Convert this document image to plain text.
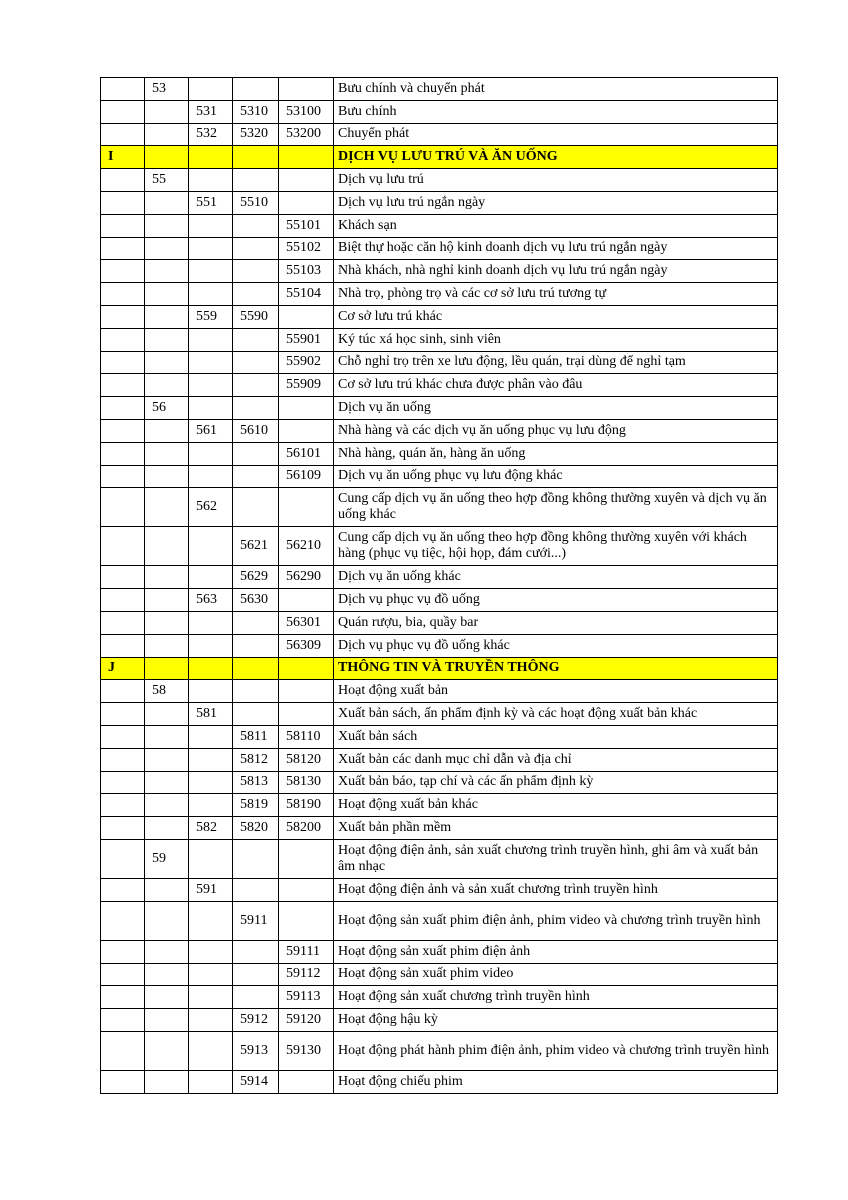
	53				Bưu chính và chuyển phát
		531	5310	53100	Bưu chính
		532	5320	53200	Chuyển phát
I					DỊCH VỤ LƯU TRÚ VÀ ĂN UỐNG
	55				Dịch vụ lưu trú
		551	5510		Dịch vụ lưu trú ngắn ngày
				55101	Khách sạn
				55102	Biệt thự hoặc căn hộ kinh doanh dịch vụ lưu trú ngắn ngày
				55103	Nhà khách, nhà nghỉ kinh doanh dịch vụ lưu trú ngắn ngày
				55104	Nhà trọ, phòng trọ và các cơ sở lưu trú tương tự
		559	5590		Cơ sở lưu trú khác
				55901	Ký túc xá học sinh, sinh viên
				55902	Chỗ nghỉ trọ trên xe lưu động, lều quán, trại dùng để nghỉ tạm
				55909	Cơ sở lưu trú khác chưa được phân vào đâu
	56				Dịch vụ ăn uống
		561	5610		Nhà hàng và các dịch vụ ăn uống phục vụ lưu động
				56101	Nhà hàng, quán ăn, hàng ăn uống
				56109	Dịch vụ ăn uống phục vụ lưu động khác
		562			Cung cấp dịch vụ ăn uống theo hợp đồng không thường xuyên và dịch vụ ăn uống khác
			5621	56210	Cung cấp dịch vụ ăn uống theo hợp đồng không thường xuyên với khách hàng (phục vụ tiệc, hội họp, đám cưới...)
			5629	56290	Dịch vụ ăn uống khác
		563	5630		Dịch vụ phục vụ đồ uống
				56301	Quán rượu, bia, quầy bar
				56309	Dịch vụ phục vụ đồ uống khác
J					THÔNG TIN VÀ TRUYỀN THÔNG
	58				Hoạt động xuất bản
		581			Xuất bản sách, ấn phẩm định kỳ và các hoạt động xuất bản khác
			5811	58110	Xuất bản sách
			5812	58120	Xuất bản các danh mục chỉ dẫn và địa chỉ
			5813	58130	Xuất bản báo, tạp chí và các ấn phẩm định kỳ
			5819	58190	Hoạt động xuất bản khác
		582	5820	58200	Xuất bản phần mềm
	59				Hoạt động điện ảnh, sản xuất chương trình truyền hình, ghi âm và xuất bản âm nhạc
		591			Hoạt động điện ảnh và sản xuất chương trình truyền hình
			5911		Hoạt động sản xuất phim điện ảnh, phim video và chương trình truyền hình
				59111	Hoạt động sản xuất phim điện ảnh
				59112	Hoạt động sản xuất phim video
				59113	Hoạt động sản xuất chương trình truyền hình
			5912	59120	Hoạt động hậu kỳ
			5913	59130	Hoạt động phát hành phim điện ảnh, phim video và chương trình truyền hình
			5914		Hoạt động chiếu phim
